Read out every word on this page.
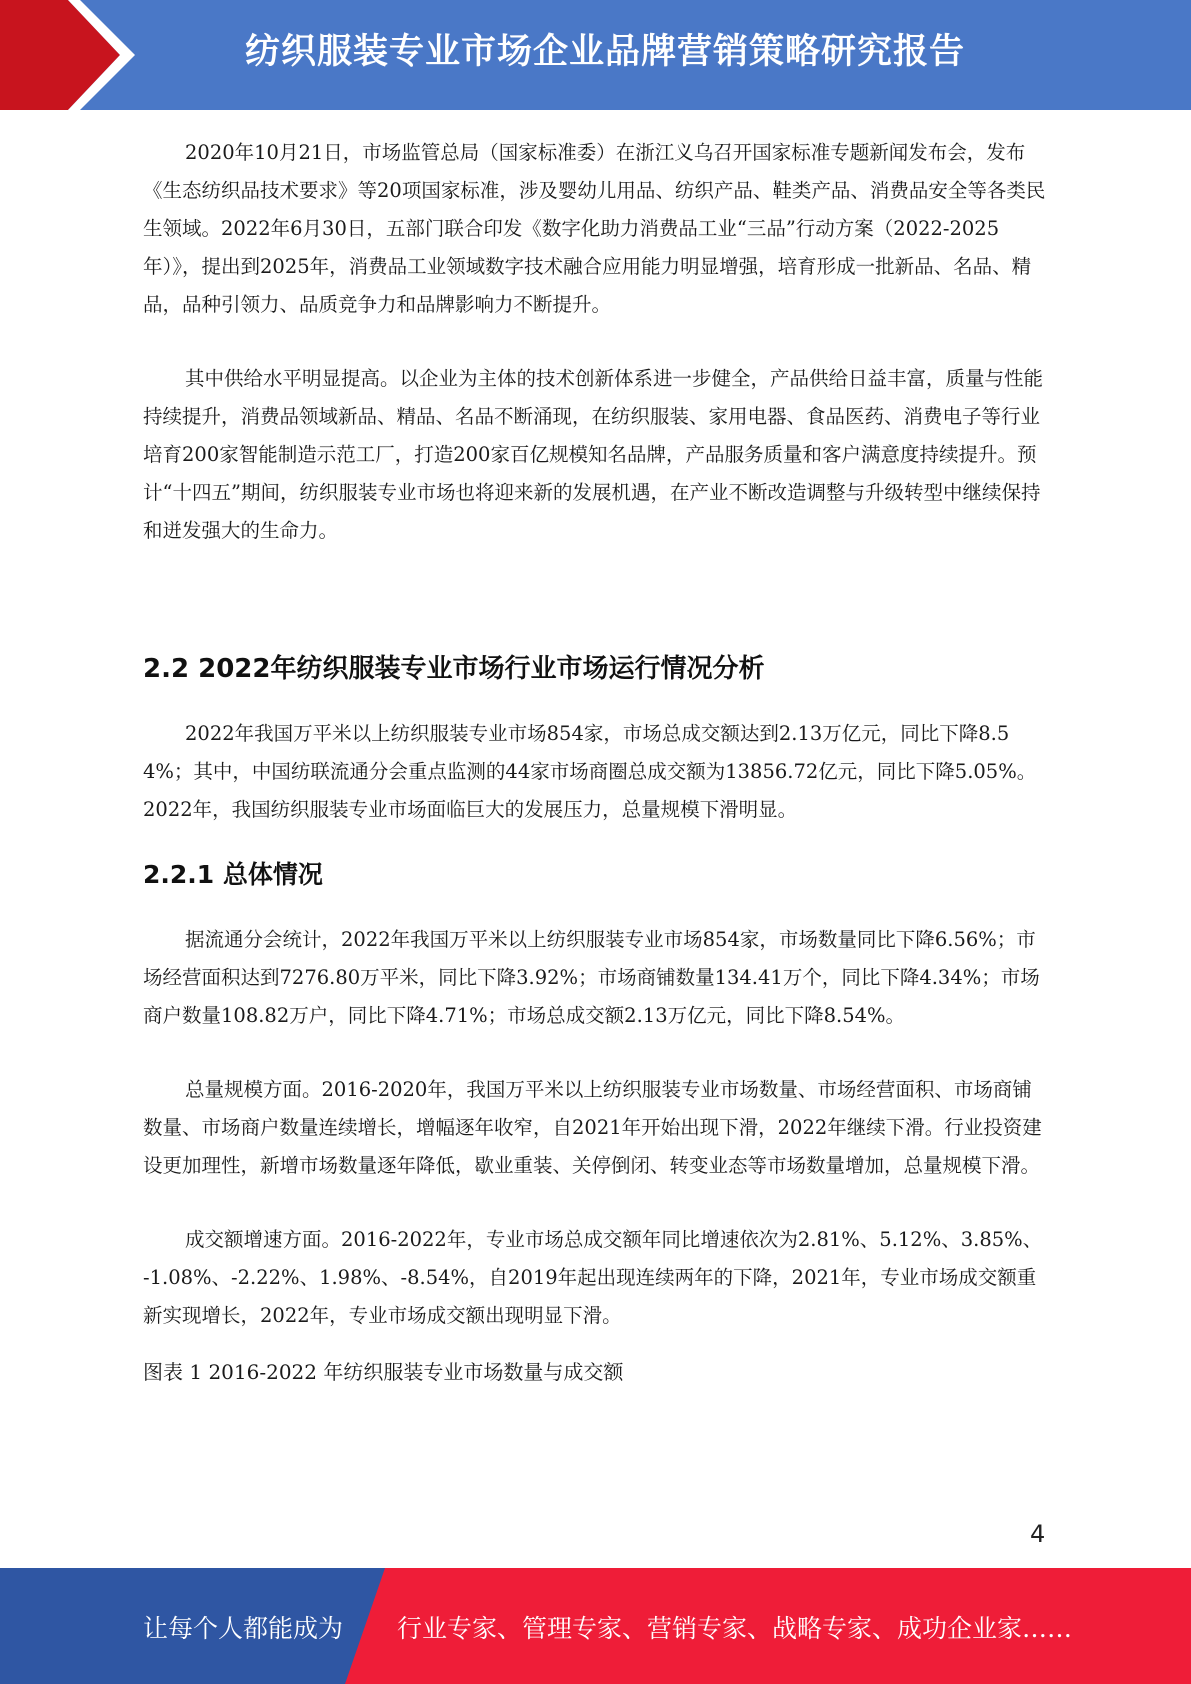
纺织服装专业市场企业品牌营销策略研究报告

2020年10月21日，市场监管总局（国家标准委）在浙江义乌召开国家标准专题新闻发布会，发布《生态纺织品技术要求》等20项国家标准，涉及婴幼儿用品、纺织产品、鞋类产品、消费品安全等各类民生领域。2022年6月30日，五部门联合印发《数字化助力消费品工业“三品”行动方案（2022-2025年）》，提出到2025年，消费品工业领域数字技术融合应用能力明显增强，培育形成一批新品、名品、精品，品种引领力、品质竞争力和品牌影响力不断提升。

其中供给水平明显提高。以企业为主体的技术创新体系进一步健全，产品供给日益丰富，质量与性能持续提升，消费品领域新品、精品、名品不断涌现，在纺织服装、家用电器、食品医药、消费电子等行业培育200家智能制造示范工厂，打造200家百亿规模知名品牌，产品服务质量和客户满意度持续提升。预计“十四五”期间，纺织服装专业市场也将迎来新的发展机遇，在产业不断改造调整与升级转型中继续保持和迸发强大的生命力。

2.2 2022年纺织服装专业市场行业市场运行情况分析

2022年我国万平米以上纺织服装专业市场854家，市场总成交额达到2.13万亿元，同比下降8.54%；其中，中国纺联流通分会重点监测的44家市场商圈总成交额为13856.72亿元，同比下降5.05%。2022年，我国纺织服装专业市场面临巨大的发展压力，总量规模下滑明显。

2.2.1 总体情况

据流通分会统计，2022年我国万平米以上纺织服装专业市场854家，市场数量同比下降6.56%；市场经营面积达到7276.80万平米，同比下降3.92%；市场商铺数量134.41万个，同比下降4.34%；市场商户数量108.82万户，同比下降4.71%；市场总成交额2.13万亿元，同比下降8.54%。

总量规模方面。2016-2020年，我国万平米以上纺织服装专业市场数量、市场经营面积、市场商铺数量、市场商户数量连续增长，增幅逐年收窄，自2021年开始出现下滑，2022年继续下滑。行业投资建设更加理性，新增市场数量逐年降低，歇业重装、关停倒闭、转变业态等市场数量增加，总量规模下滑。

成交额增速方面。2016-2022年，专业市场总成交额年同比增速依次为2.81%、5.12%、3.85%、-1.08%、-2.22%、1.98%、-8.54%，自2019年起出现连续两年的下降，2021年，专业市场成交额重新实现增长，2022年，专业市场成交额出现明显下滑。

图表 1 2016-2022 年纺织服装专业市场数量与成交额
4
让每个人都能成为 行业专家、管理专家、营销专家、战略专家、成功企业家……
